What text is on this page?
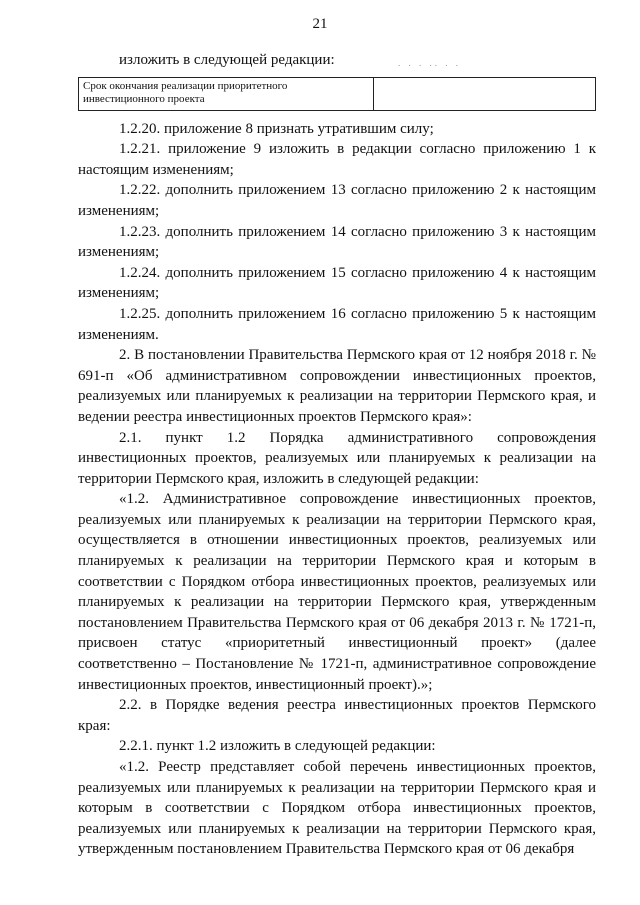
21
. . . .. . .

изложить в следующей редакции:

Срок окончания реализации приоритетного инвестиционного проекта	

1.2.20. приложение 8 признать утратившим силу;

1.2.21. приложение 9 изложить в редакции согласно приложению 1 к настоящим изменениям;

1.2.22. дополнить приложением 13 согласно приложению 2 к настоящим изменениям;

1.2.23. дополнить приложением 14 согласно приложению 3 к настоящим изменениям;

1.2.24. дополнить приложением 15 согласно приложению 4 к настоящим изменениям;

1.2.25. дополнить приложением 16 согласно приложению 5 к настоящим изменениям.

2. В постановлении Правительства Пермского края от 12 ноября 2018 г. № 691-п «Об административном сопровождении инвестиционных проектов, реализуемых или планируемых к реализации на территории Пермского края, и ведении реестра инвестиционных проектов Пермского края»:

2.1. пункт 1.2 Порядка административного сопровождения инвестиционных проектов, реализуемых или планируемых к реализации на территории Пермского края, изложить в следующей редакции:

«1.2. Административное сопровождение инвестиционных проектов, реализуемых или планируемых к реализации на территории Пермского края, осуществляется в отношении инвестиционных проектов, реализуемых или планируемых к реализации на территории Пермского края и которым в соответствии с Порядком отбора инвестиционных проектов, реализуемых или планируемых к реализации на территории Пермского края, утвержденным постановлением Правительства Пермского края от 06 декабря 2013 г. № 1721-п, присвоен статус «приоритетный инвестиционный проект» (далее соответственно – Постановление № 1721-п, административное сопровождение инвестиционных проектов, инвестиционный проект).»;

2.2. в Порядке ведения реестра инвестиционных проектов Пермского края:

2.2.1. пункт 1.2 изложить в следующей редакции:

«1.2. Реестр представляет собой перечень инвестиционных проектов, реализуемых или планируемых к реализации на территории Пермского края и которым в соответствии с Порядком отбора инвестиционных проектов, реализуемых или планируемых к реализации на территории Пермского края, утвержденным постановлением Правительства Пермского края от 06 декабря
